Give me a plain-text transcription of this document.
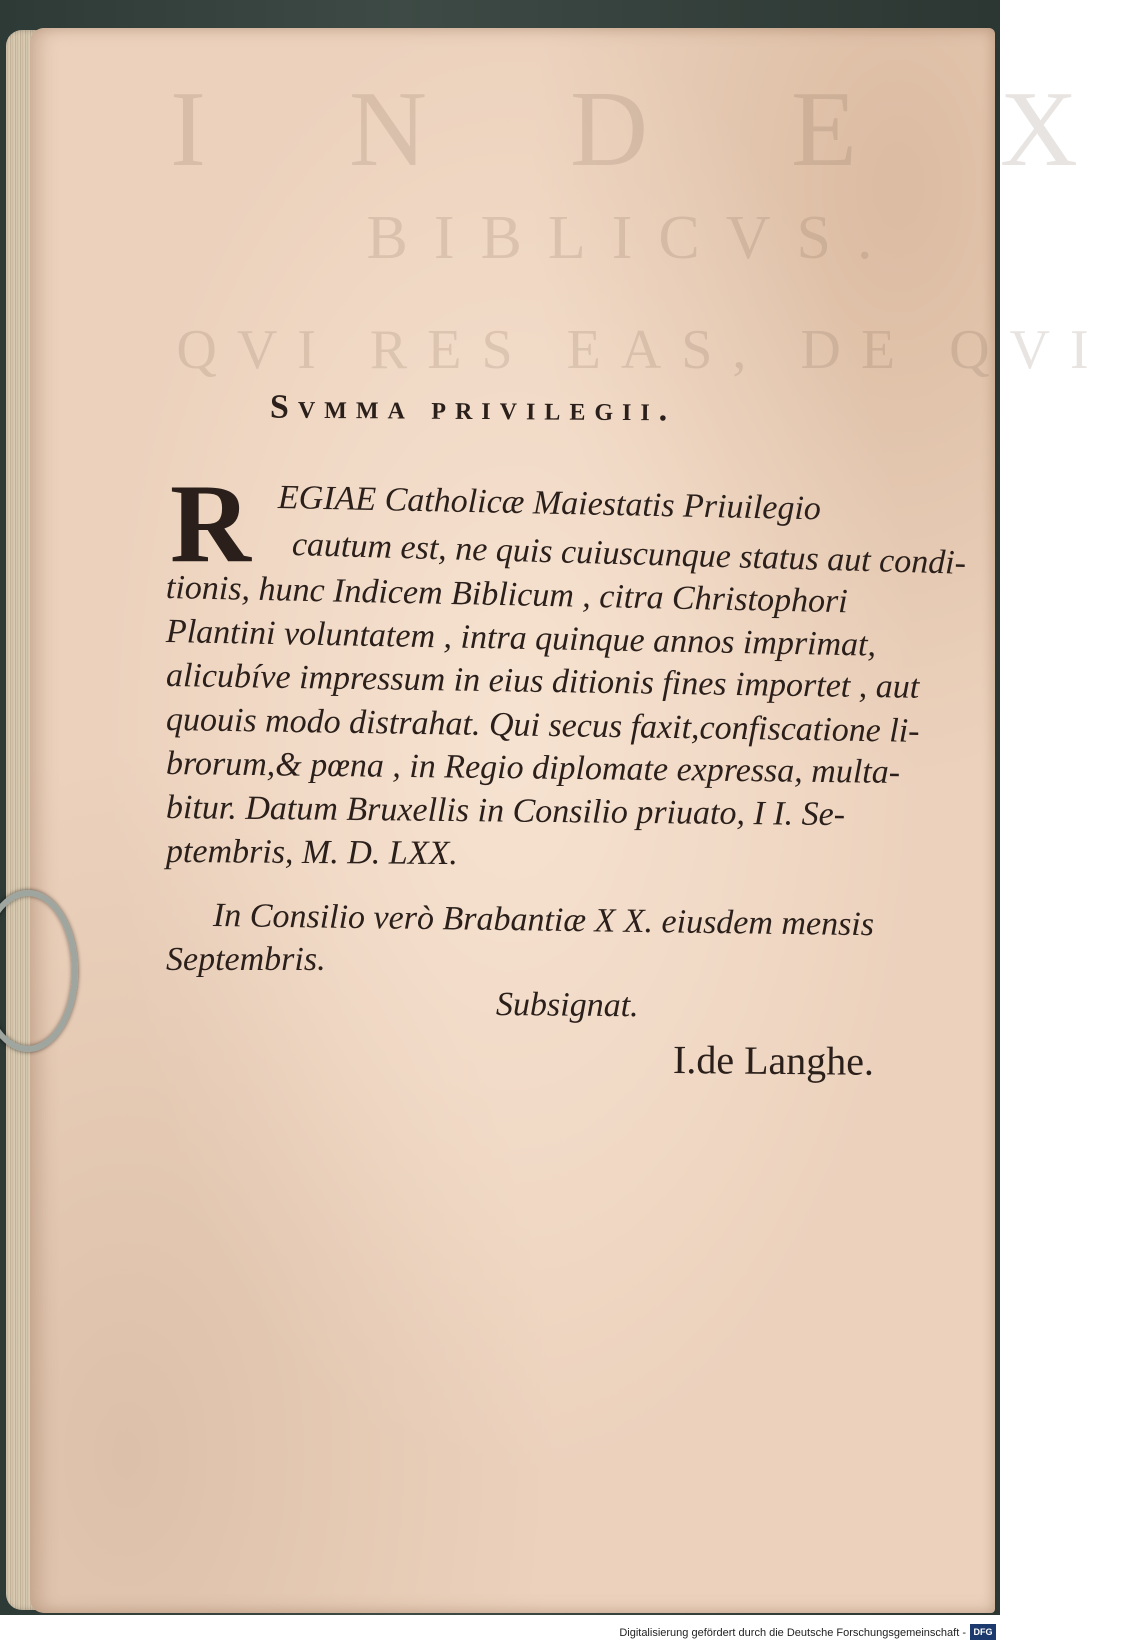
I N D E X
BIBLICVS.
QVI RES EAS, DE QVI
Svmma privilegii.
R EGIAE Catholicæ Maiestatis Priuilegio
cautum est, ne quis cuiuscunque status aut condi-
tionis, hunc Indicem Biblicum , citra Christophori
Plantini voluntatem , intra quinque annos imprimat,
alicubíve impressum in eius ditionis fines importet , aut
quouis modo distrahat. Qui secus faxit,confiscatione li-
brorum,& pœna , in Regio diplomate expressa, multa-
bitur. Datum Bruxellis in Consilio priuato, I I. Se-
ptembris, M. D. LXX.
In Consilio verò Brabantiæ X X. eiusdem mensis
Septembris.
Subsignat.
I.de Langhe.
Digitalisierung gefördert durch die Deutsche Forschungsgemeinschaft - DFG
